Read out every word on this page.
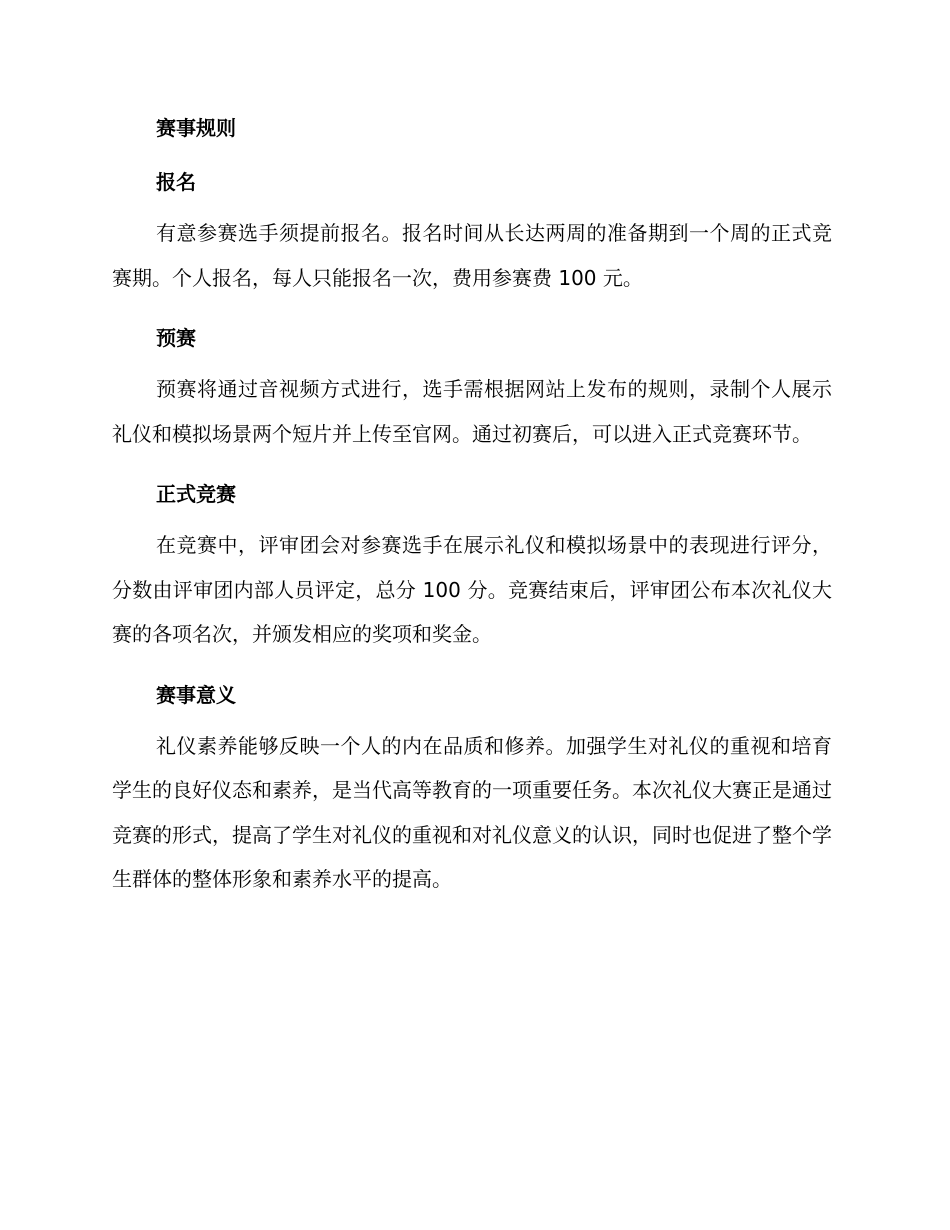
赛事规则
报名

有意参赛选手须提前报名。报名时间从长达两周的准备期到一个周的正式竞赛期。个人报名，每人只能报名一次，费用参赛费 100 元。

预赛

预赛将通过音视频方式进行，选手需根据网站上发布的规则，录制个人展示礼仪和模拟场景两个短片并上传至官网。通过初赛后，可以进入正式竞赛环节。

正式竞赛

在竞赛中，评审团会对参赛选手在展示礼仪和模拟场景中的表现进行评分，分数由评审团内部人员评定，总分 100 分。竞赛结束后，评审团公布本次礼仪大赛的各项名次，并颁发相应的奖项和奖金。

赛事意义

礼仪素养能够反映一个人的内在品质和修养。加强学生对礼仪的重视和培育学生的良好仪态和素养，是当代高等教育的一项重要任务。本次礼仪大赛正是通过竞赛的形式，提高了学生对礼仪的重视和对礼仪意义的认识，同时也促进了整个学生群体的整体形象和素养水平的提高。
